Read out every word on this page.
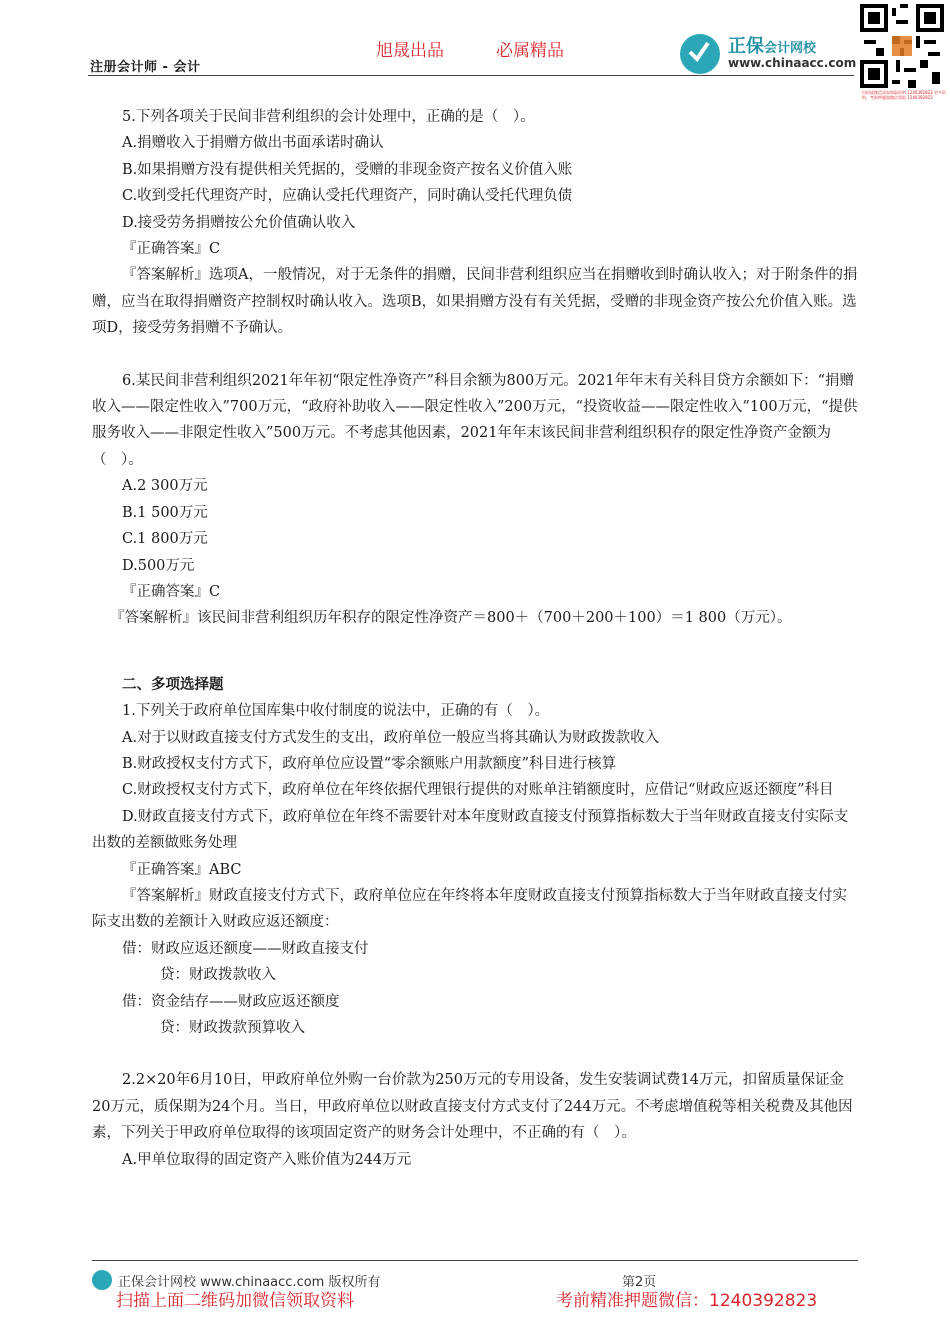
注册会计师 - 会计
旭晟出品	必属精品	正保会计网校
www.chinaacc.com
扫码或微信添加领取资料 1240392823 更多资料，考前押题加微信领取 1240392823

5.下列各项关于民间非营利组织的会计处理中，正确的是（　）。

A.捐赠收入于捐赠方做出书面承诺时确认

B.如果捐赠方没有提供相关凭据的，受赠的非现金资产按名义价值入账

C.收到受托代理资产时，应确认受托代理资产，同时确认受托代理负债

D.接受劳务捐赠按公允价值确认收入

『正确答案』C

『答案解析』选项A，一般情况，对于无条件的捐赠，民间非营利组织应当在捐赠收到时确认收入；对于附条件的捐赠，应当在取得捐赠资产控制权时确认收入。选项B，如果捐赠方没有有关凭据，受赠的非现金资产按公允价值入账。选项D，接受劳务捐赠不予确认。

6.某民间非营利组织2021年年初“限定性净资产”科目余额为800万元。2021年年末有关科目贷方余额如下：“捐赠收入——限定性收入”700万元，“政府补助收入——限定性收入”200万元，“投资收益——限定性收入”100万元，“提供服务收入——非限定性收入”500万元。不考虑其他因素，2021年年末该民间非营利组织积存的限定性净资产金额为（　）。

A.2 300万元

B.1 500万元

C.1 800万元

D.500万元

『正确答案』C

『答案解析』该民间非营利组织历年积存的限定性净资产＝800＋（700＋200＋100）＝1 800（万元）。

二、多项选择题

1.下列关于政府单位国库集中收付制度的说法中，正确的有（　）。

A.对于以财政直接支付方式发生的支出，政府单位一般应当将其确认为财政拨款收入

B.财政授权支付方式下，政府单位应设置“零余额账户用款额度”科目进行核算

C.财政授权支付方式下，政府单位在年终依据代理银行提供的对账单注销额度时，应借记“财政应返还额度”科目

D.财政直接支付方式下，政府单位在年终不需要针对本年度财政直接支付预算指标数大于当年财政直接支付实际支出数的差额做账务处理

『正确答案』ABC

『答案解析』财政直接支付方式下，政府单位应在年终将本年度财政直接支付预算指标数大于当年财政直接支付实际支出数的差额计入财政应返还额度：

借：财政应返还额度——财政直接支付

贷：财政拨款收入

借：资金结存——财政应返还额度

贷：财政拨款预算收入

2.2×20年6月10日，甲政府单位外购一台价款为250万元的专用设备，发生安装调试费14万元，扣留质量保证金20万元，质保期为24个月。当日，甲政府单位以财政直接支付方式支付了244万元。不考虑增值税等相关税费及其他因素，下列关于甲政府单位取得的该项固定资产的财务会计处理中，不正确的有（　）。

A.甲单位取得的固定资产入账价值为244万元

正保会计网校 www.chinaacc.com 版权所有	第2页
扫描上面二维码加微信领取资料	考前精准押题微信：1240392823
